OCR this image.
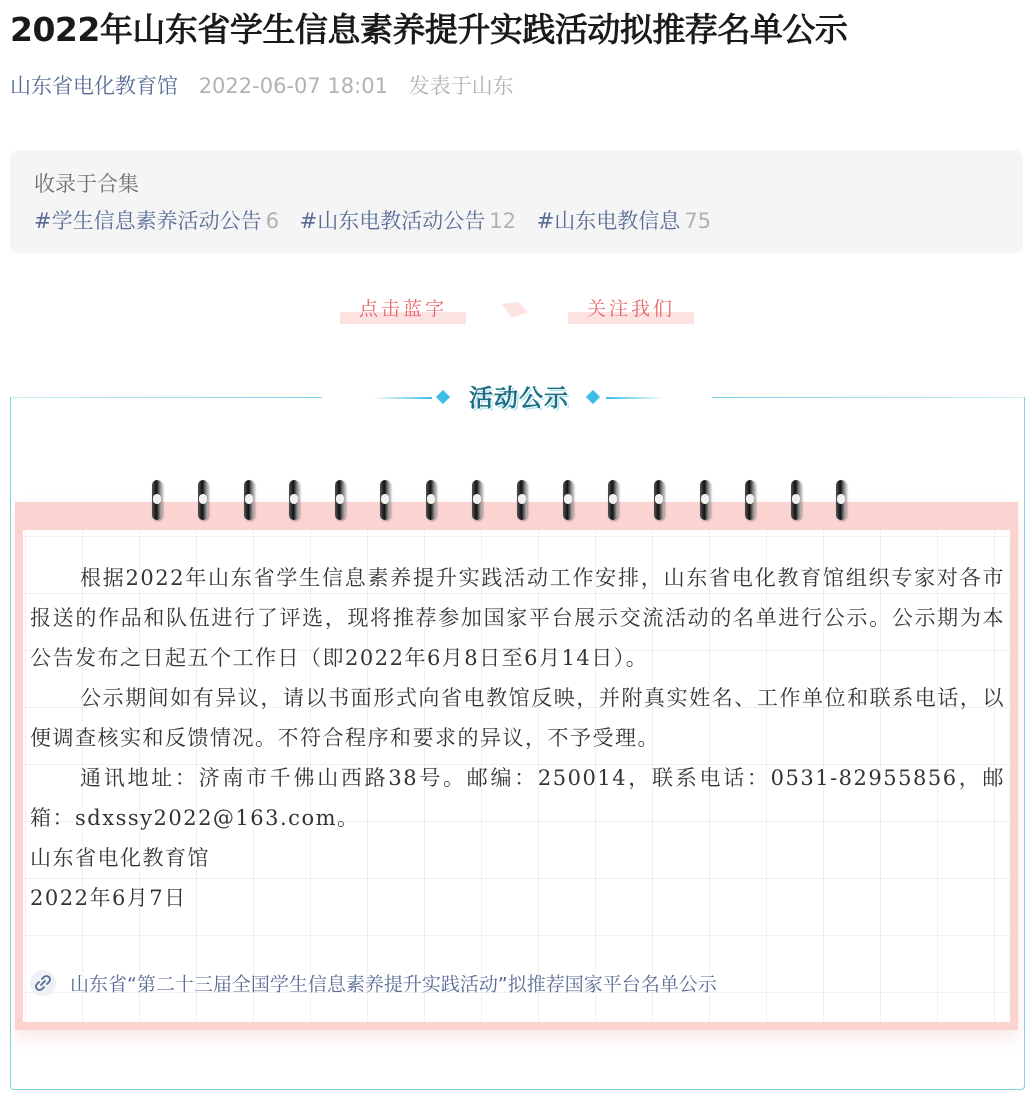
2022年山东省学生信息素养提升实践活动拟推荐名单公示
山东省电化教育馆 2022-06-07 18:01 发表于山东
收录于合集
#学生信息素养活动公告 6 #山东电教活动公告 12 #山东电教信息 75
点击蓝字	关注我们
活动公示

根据2022年山东省学生信息素养提升实践活动工作安排，山东省电化教育馆组织专家对各市报送的作品和队伍进行了评选，现将推荐参加国家平台展示交流活动的名单进行公示。公示期为本公告发布之日起五个工作日（即2022年6月8日至6月14日）。

公示期间如有异议，请以书面形式向省电教馆反映，并附真实姓名、工作单位和联系电话，以便调查核实和反馈情况。不符合程序和要求的异议，不予受理。

通讯地址：济南市千佛山西路38号。邮编：250014，联系电话：0531-82955856，邮箱：sdxssy2022@163.com。

山东省电化教育馆

2022年6月7日

山东省“第二十三届全国学生信息素养提升实践活动”拟推荐国家平台名单公示
